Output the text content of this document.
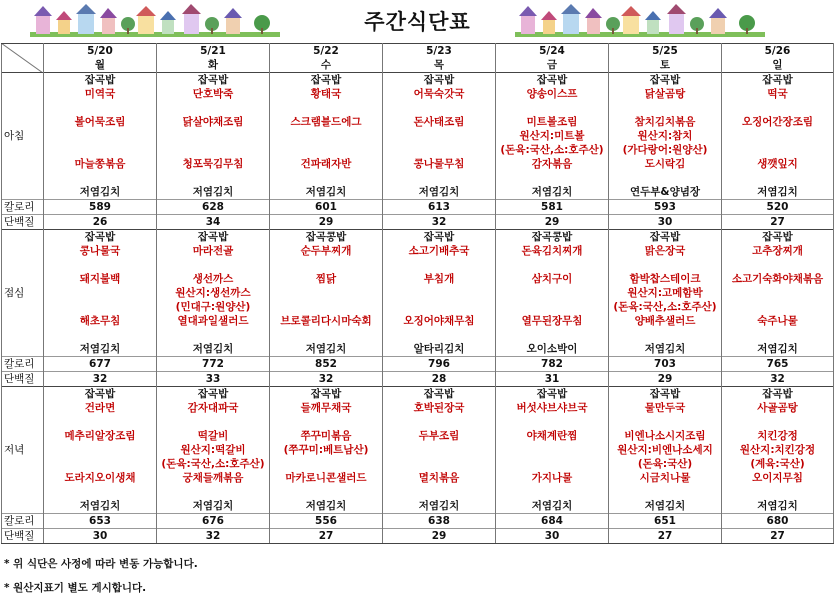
주간식단표
	5/20	5/21	5/22	5/23	5/24	5/25	5/26
	월	화	수	목	금	토	일
아침	잡곡밥	잡곡밥	잡곡밥	잡곡밥	잡곡밥	잡곡밥	잡곡밥
	미역국	단호박죽	황태국	어묵숙갓국	양송이스프	닭살곰탕	떡국

	볼어묵조림	닭살야채조림	스크램블드에그	돈사태조림	미트볼조림	참치김치볶음	오징어간장조림
					원산지:미트볼	원산지:참치	
					(돈육:국산,소:호주산)	(가다랑어:원양산)	
	마늘쫑볶음	청포묵김무침	건파래자반	콩나물무침	감자볶음	도시락김	생깻잎지

	저염김치	저염김치	저염김치	저염김치	저염김치	연두부&양념장	저염김치
칼로리	589	628	601	613	581	593	520
단백질	26	34	29	32	29	30	27
점심	잡곡밥	잡곡밥	잡곡콩밥	잡곡밥	잡곡콩밥	잡곡밥	잡곡밥
	콩나물국	마라전골	순두부찌개	소고기배추국	돈육김치찌개	맑은장국	고추장찌개

	돼지불백	생선까스	찜닭	부침개	삼치구이	함박찹스테이크	소고기숙화야채볶음
		원산지:생선까스				원산지:고메함박	
		(민대구:원양산)				(돈육:국산,소:호주산)	
	해초무침	열대과일샐러드	브로콜리다시마숙회	오징어야채무침	열무된장무침	양배추샐러드	숙주나물

	저염김치	저염김치	저염김치	알타리김치	오이소박이	저염김치	저염김치
칼로리	677	772	852	796	782	703	765
단백질	32	33	32	28	31	29	32
저녁	잡곡밥	잡곡밥	잡곡밥	잡곡밥	잡곡밥	잡곡밥	잡곡밥
	건라면	감자대파국	들깨무채국	호박된장국	버섯샤브샤브국	물만두국	사골곰탕

	메추리알장조림	떡갈비	쭈꾸미볶음	두부조림	야채계란찜	비엔나소시지조림	치킨강정
		원산지:떡갈비	(쭈꾸미:베트남산)			원산지:비엔나소세지	원산지:치킨강정
		(돈육:국산,소:호주산)				(돈육:국산)	(계육:국산)
	도라지오이생채	궁채들깨볶음	마카로니콘샐러드	멸치볶음	가지나물	시금치나물	오이지무침

	저염김치	저염김치	저염김치	저염김치	저염김치	저염김치	저염김치
칼로리	653	676	556	638	684	651	680
단백질	30	32	27	29	30	27	27
* 위 식단은 사정에 따라 변동 가능합니다.
* 원산지표기 별도 게시합니다.
